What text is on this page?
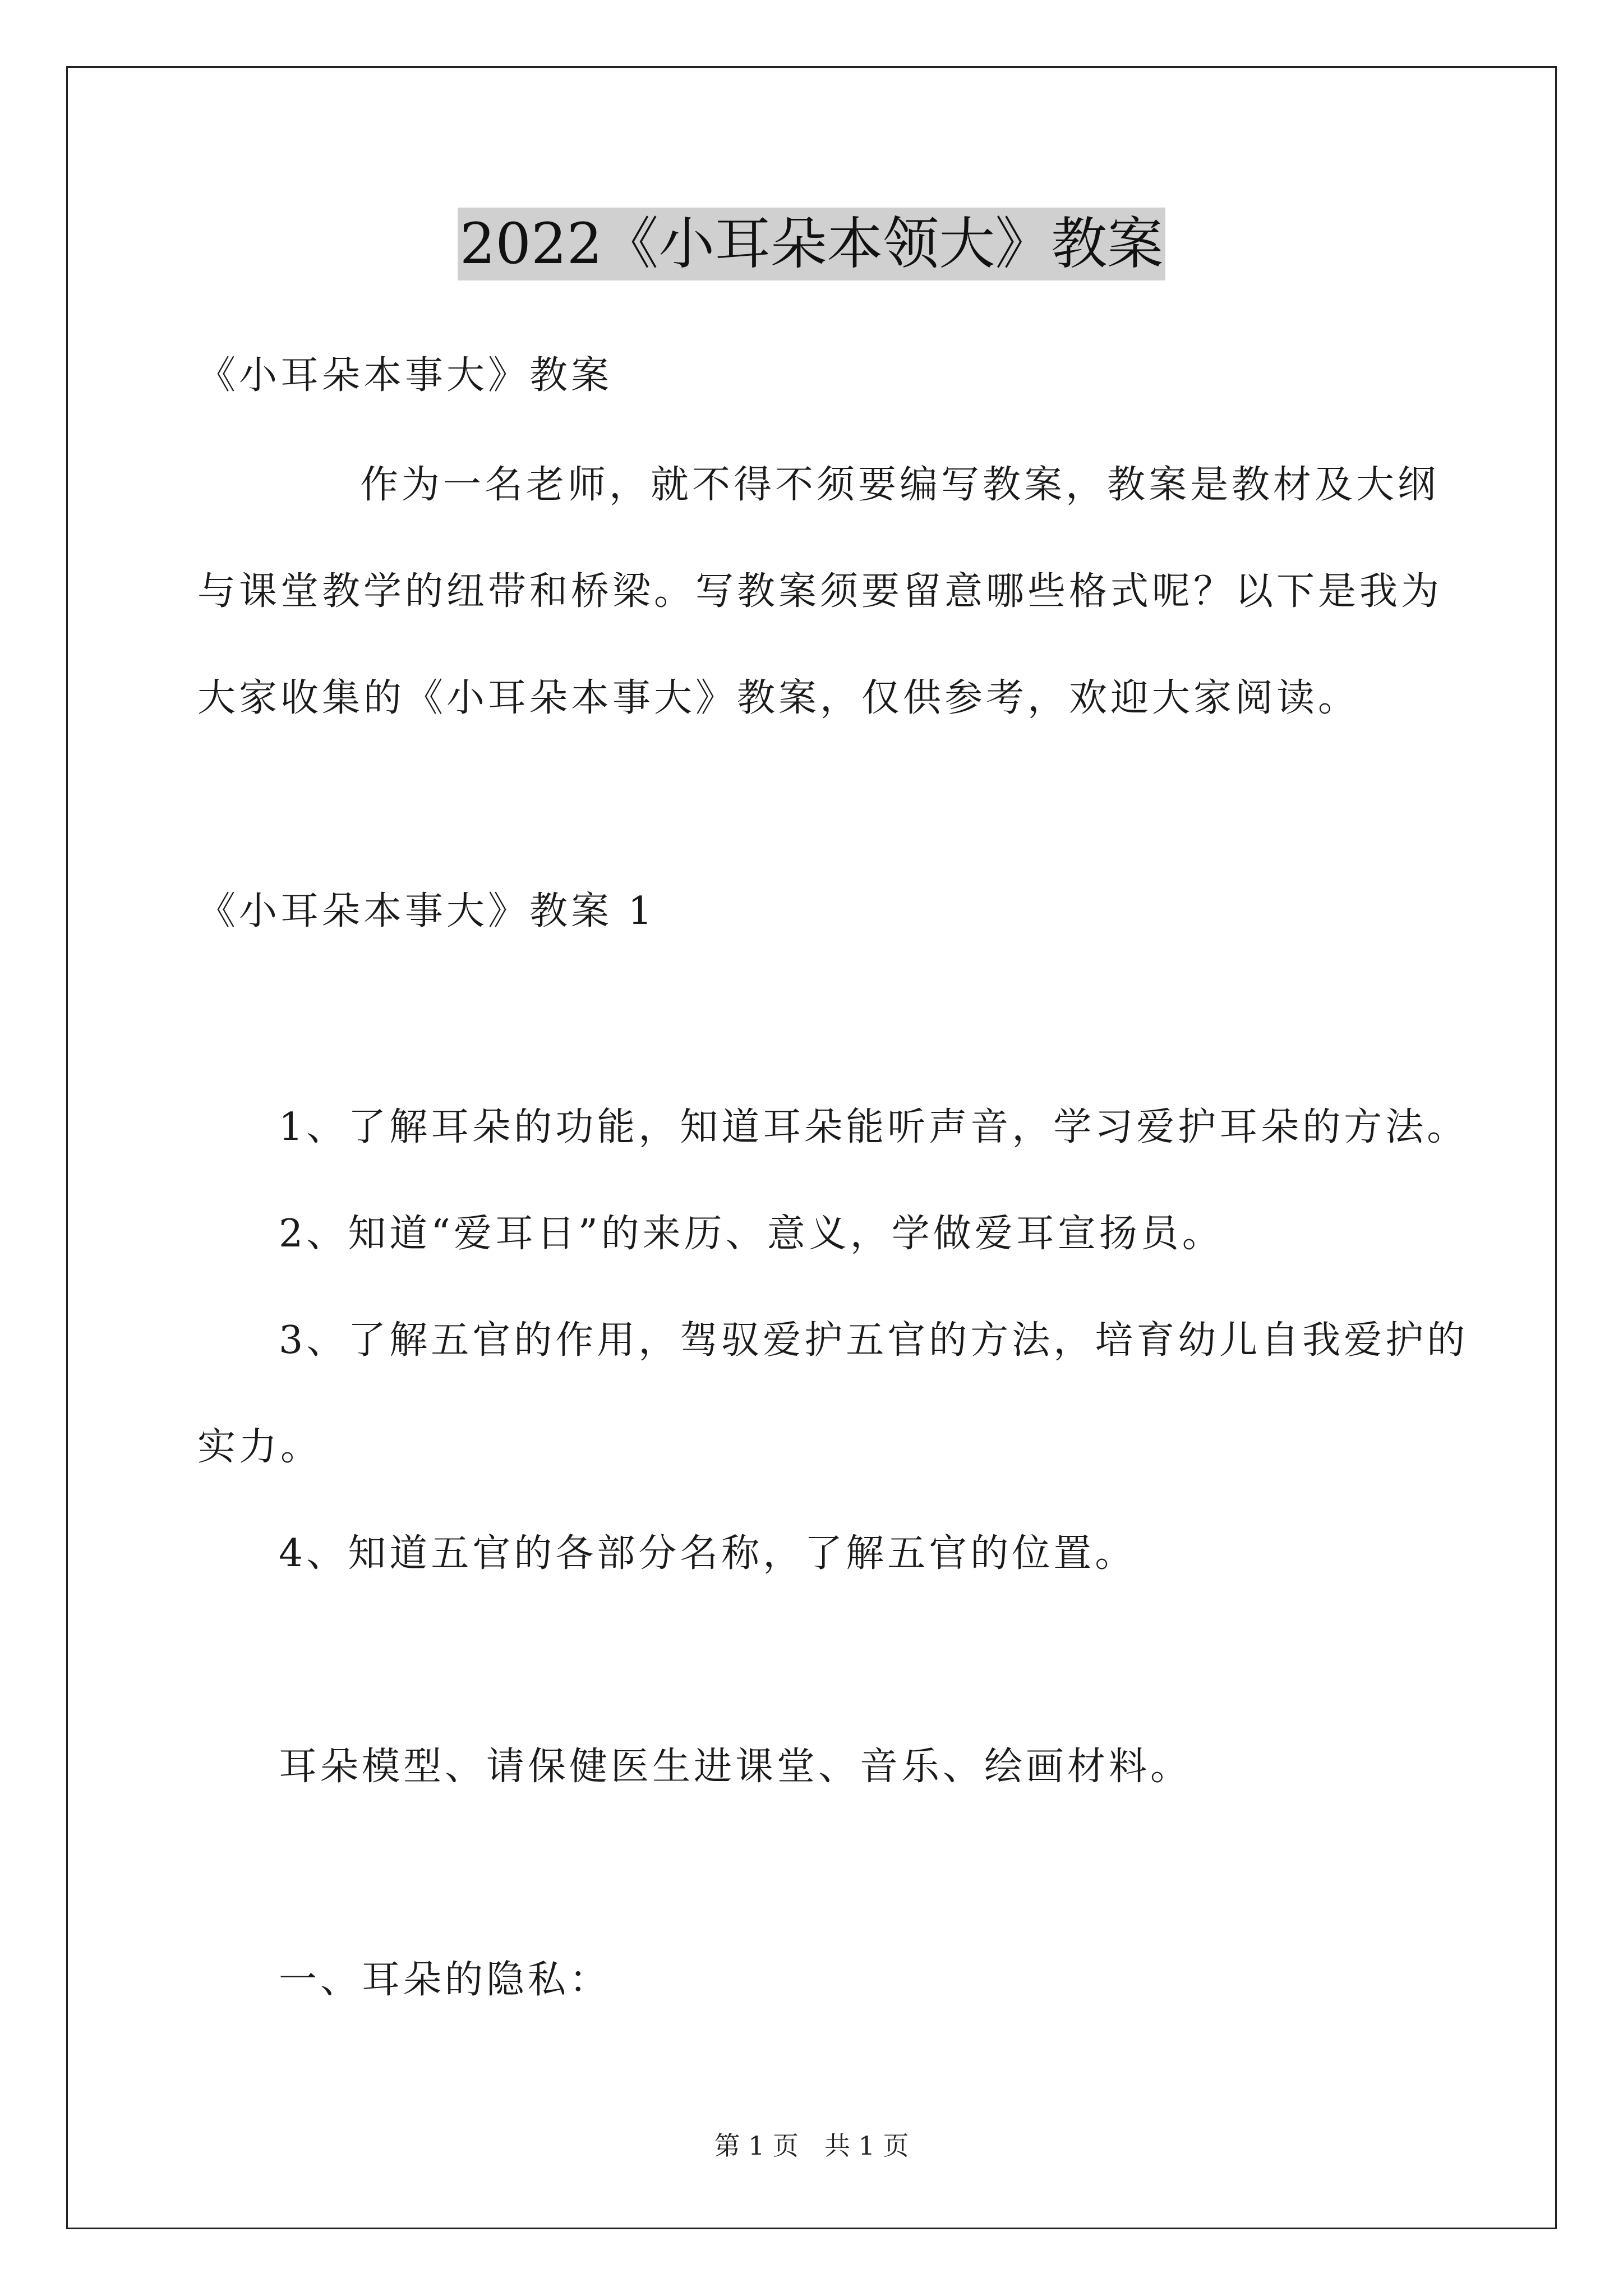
2022《小耳朵本领大》教案
《小耳朵本事大》教案
作为一名老师，就不得不须要编写教案，教案是教材及大纲
与课堂教学的纽带和桥梁。写教案须要留意哪些格式呢？以下是我为
大家收集的《小耳朵本事大》教案，仅供参考，欢迎大家阅读。
《小耳朵本事大》教案 1
1、了解耳朵的功能，知道耳朵能听声音，学习爱护耳朵的方法。
2、知道“爱耳日”的来历、意义，学做爱耳宣扬员。
3、了解五官的作用，驾驭爱护五官的方法，培育幼儿自我爱护的
实力。
4、知道五官的各部分名称，了解五官的位置。
耳朵模型、请保健医生进课堂、音乐、绘画材料。
一、耳朵的隐私：
第 1 页　共 1 页
